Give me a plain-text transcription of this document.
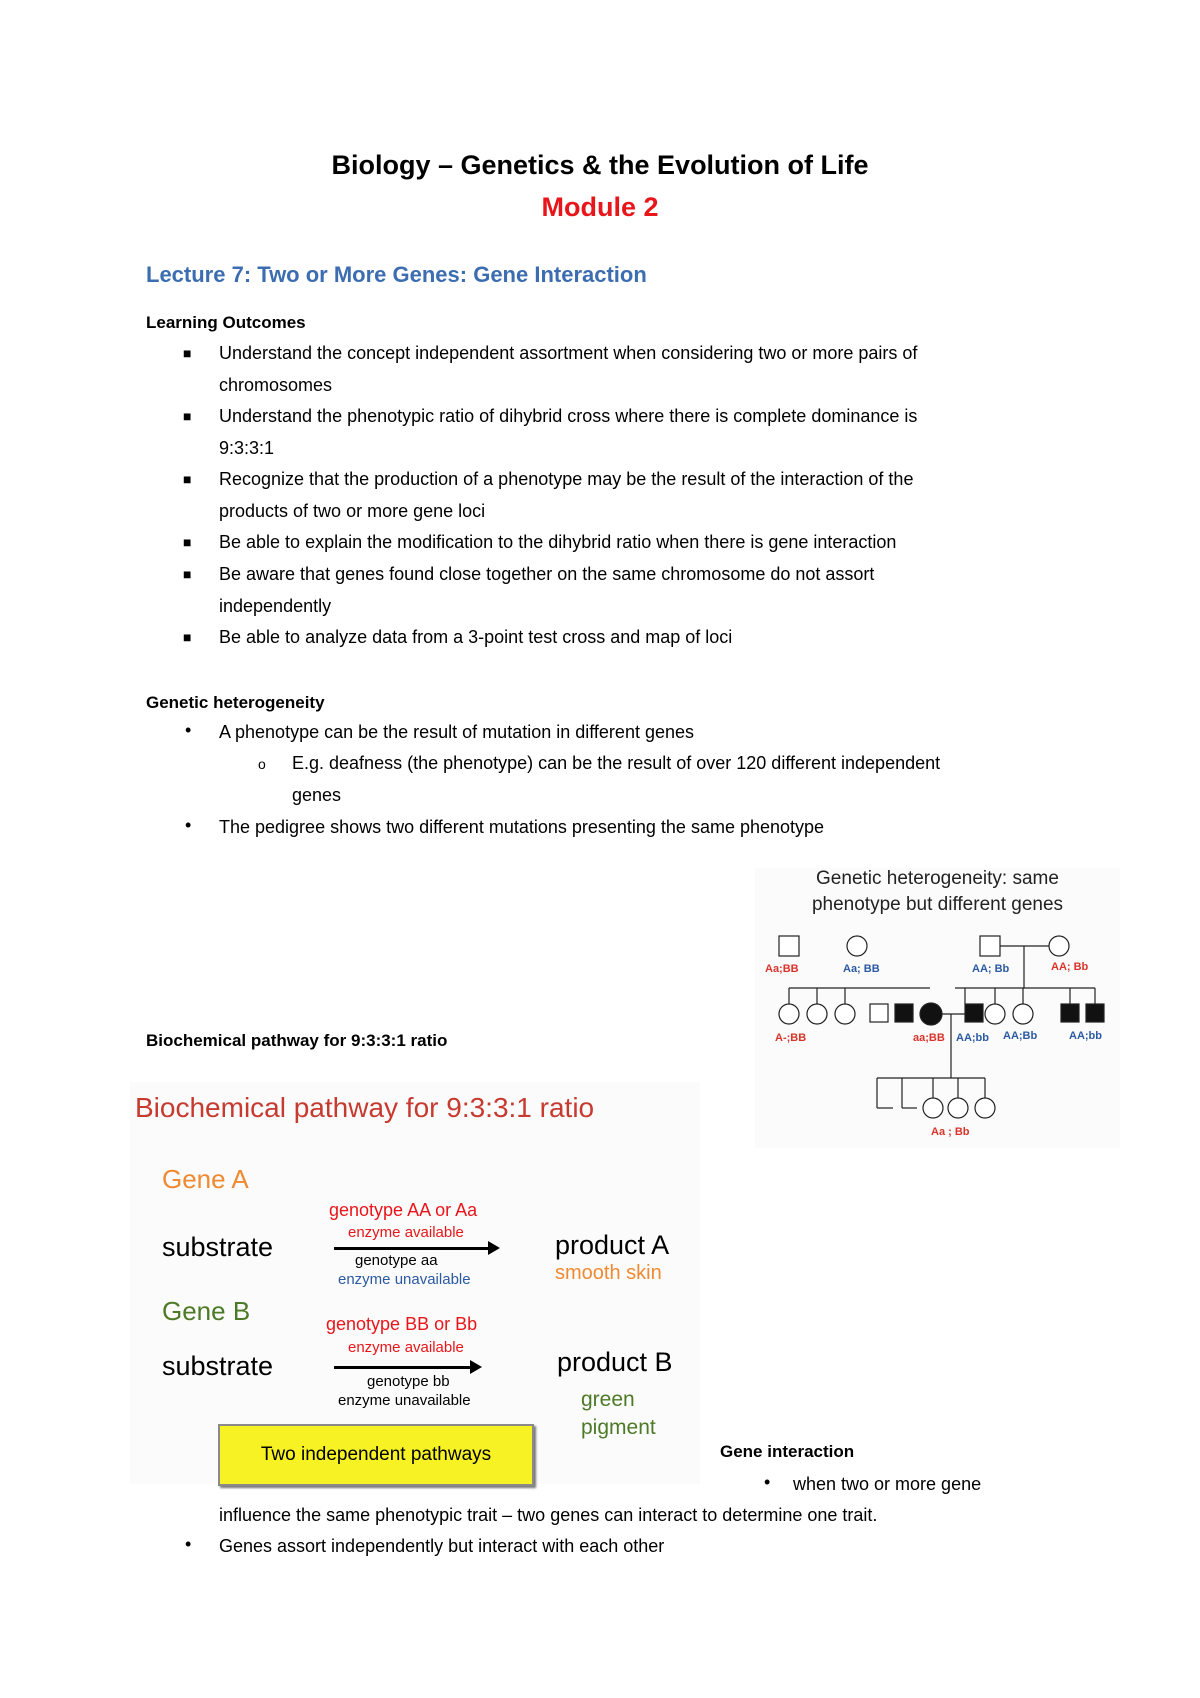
Biology – Genetics & the Evolution of Life
Module 2
Lecture 7: Two or More Genes: Gene Interaction
Learning Outcomes
■ Understand the concept independent assortment when considering two or more pairs of
chromosomes
■ Understand the phenotypic ratio of dihybrid cross where there is complete dominance is
9:3:3:1
■ Recognize that the production of a phenotype may be the result of the interaction of the
products of two or more gene loci
■ Be able to explain the modification to the dihybrid ratio when there is gene interaction
■ Be aware that genes found close together on the same chromosome do not assort
independently
■ Be able to analyze data from a 3-point test cross and map of loci
Genetic heterogeneity
• A phenotype can be the result of mutation in different genes
o E.g. deafness (the phenotype) can be the result of over 120 different independent
genes
• The pedigree shows two different mutations presenting the same phenotype
Genetic heterogeneity: same
phenotype but different genes
Aa;BB	Aa; BB	AA; Bb	AA; Bb
A-;BB	aa;BB AA;bb AA;Bb	AA;bb
Aa ; Bb
Biochemical pathway for 9:3:3:1 ratio
Biochemical pathway for 9:3:3:1 ratio
Gene A
genotype AA or Aa
enzyme available
substrate	genotype aa
enzyme unavailable
product A
smooth skin
Gene B	genotype BB or Bb
enzyme available
substrate
genotype bb
enzyme unavailable
product B
green
pigment
Two independent pathways	Gene interaction
• when two or more gene
influence the same phenotypic trait – two genes can interact to determine one trait.
• Genes assort independently but interact with each other
